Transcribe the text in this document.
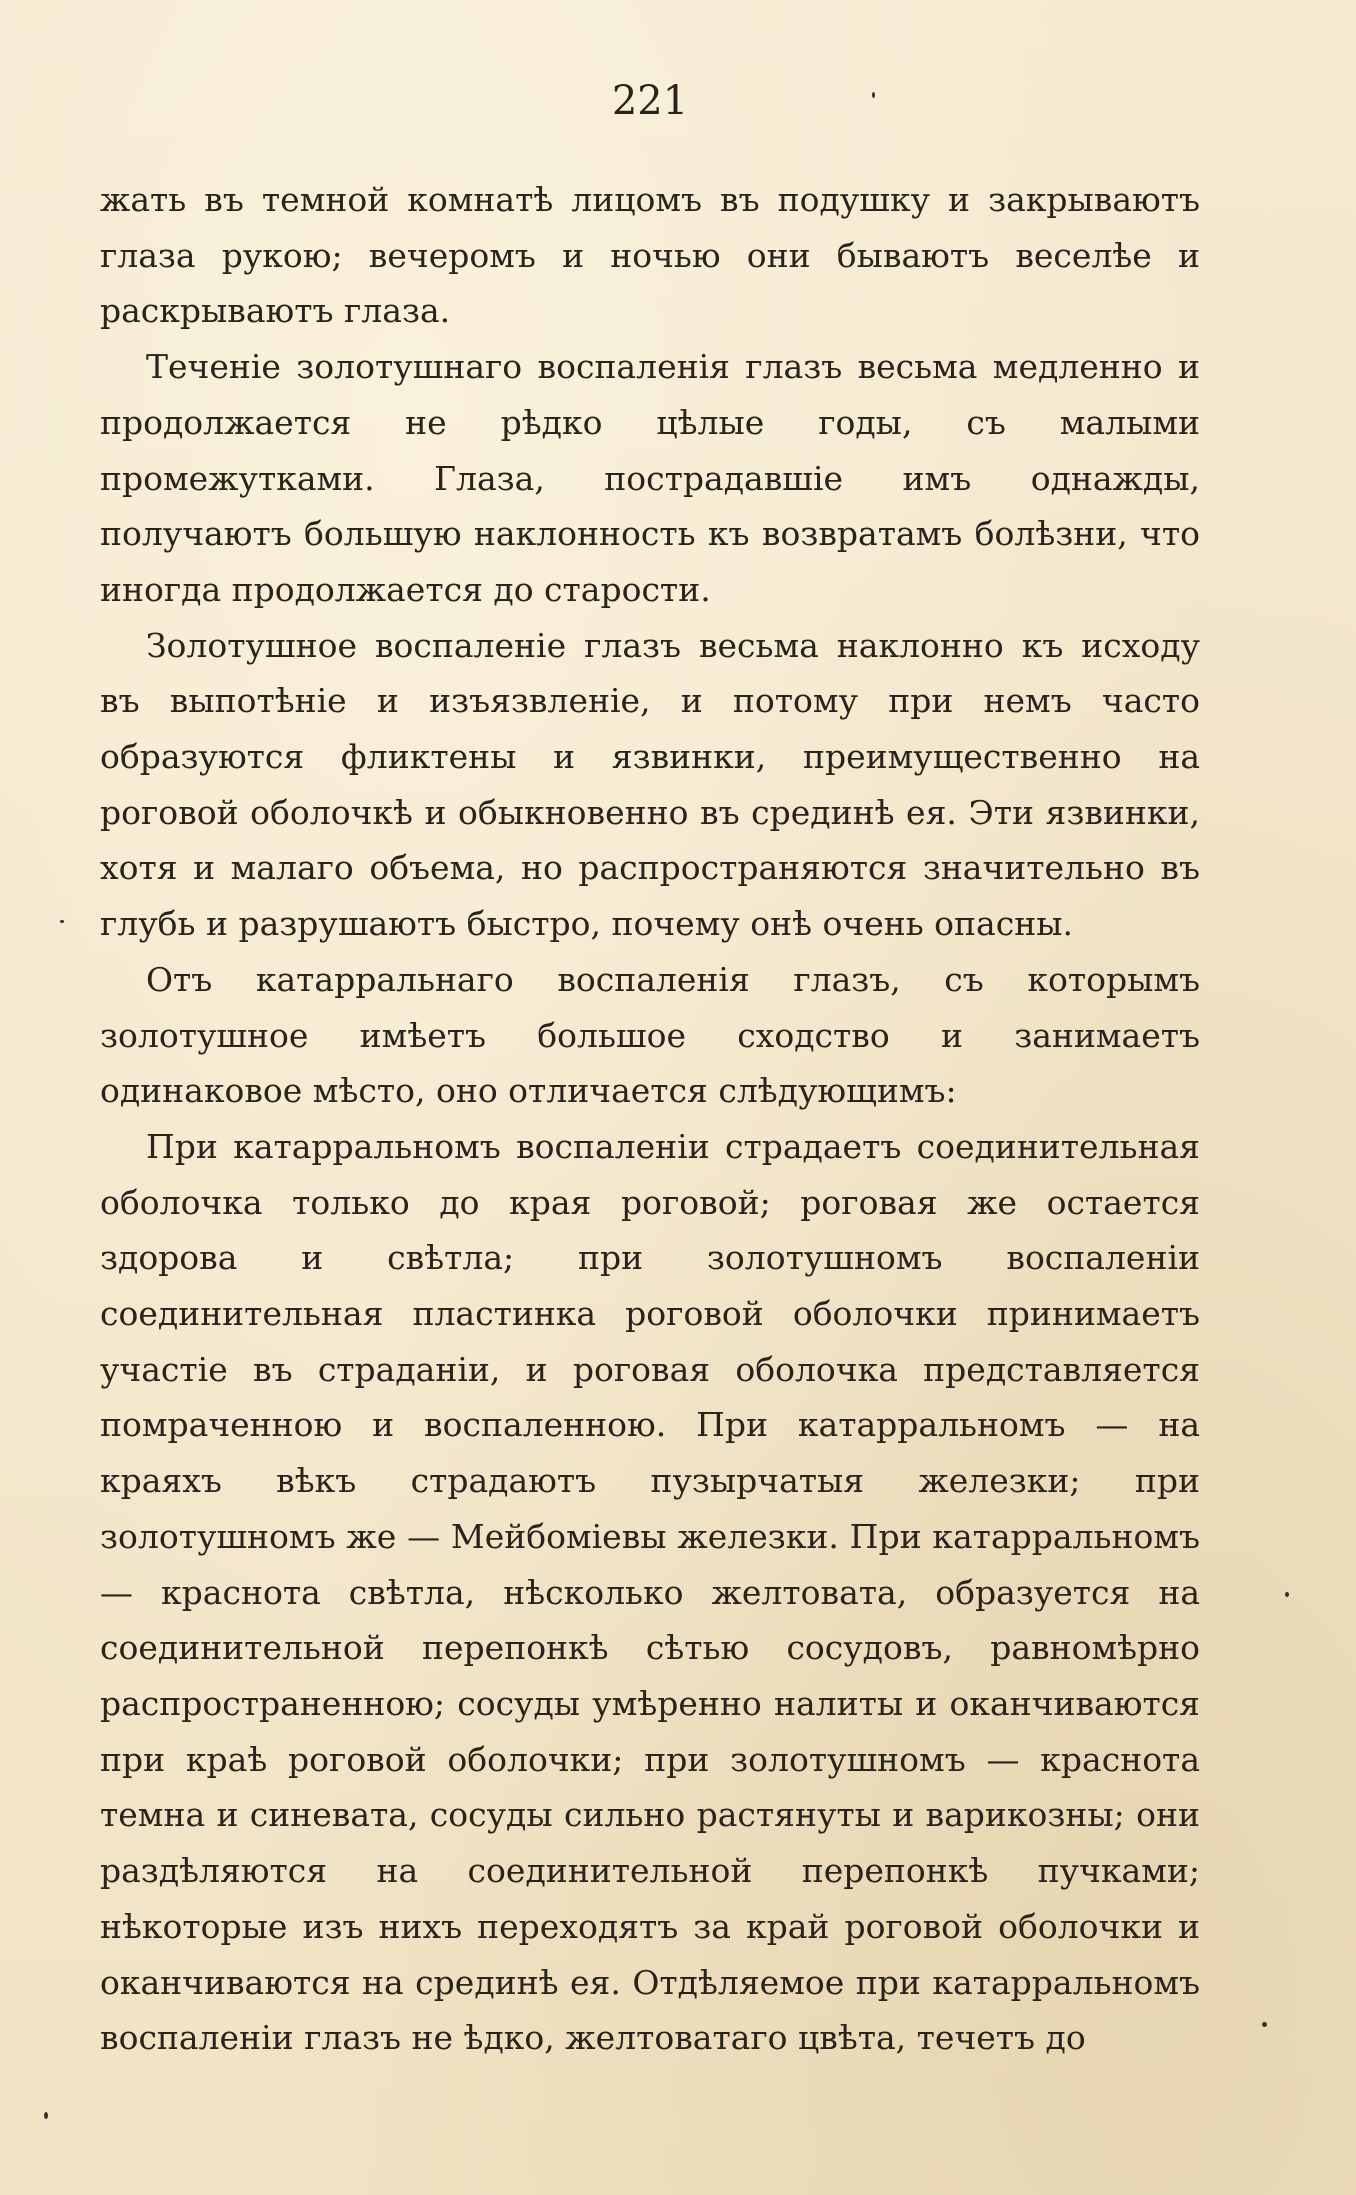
221

жать въ темной комнатѣ лицомъ въ подушку и закрываютъ глаза рукою; вечеромъ и ночью они бываютъ веселѣе и раскрываютъ глаза.

Теченіе золотушнаго воспаленія глазъ весьма медленно и продолжается не рѣдко цѣлые годы, съ малыми промежутками. Глаза, пострадавшіе имъ однажды, получаютъ большую наклонность къ возвратамъ болѣзни, что иногда продолжается до старости.

Золотушное воспаленіе глазъ весьма наклонно къ исходу въ выпотѣніе и изъязвленіе, и потому при немъ часто образуются фликтены и язвинки, преимущественно на роговой оболочкѣ и обыкновенно въ срединѣ ея. Эти язвинки, хотя и малаго объема, но распространяются значительно въ глубь и разрушаютъ быстро, почему онѣ очень опасны.

Отъ катарральнаго воспаленія глазъ, съ которымъ золотушное имѣетъ большое сходство и занимаетъ одинаковое мѣсто, оно отличается слѣдующимъ:

При катарральномъ воспаленіи страдаетъ соединительная оболочка только до края роговой; роговая же остается здорова и свѣтла; при золотушномъ воспаленіи соединительная пластинка роговой оболочки принимаетъ участіе въ страданіи, и роговая оболочка представляется помраченною и воспаленною. При катарральномъ — на краяхъ вѣкъ страдаютъ пузырчатыя железки; при золотушномъ же — Мейбоміевы железки. При катарральномъ — краснота свѣтла, нѣсколько желтовата, образуется на соединительной перепонкѣ сѣтью сосудовъ, равномѣрно распространенною; сосуды умѣренно налиты и оканчиваются при краѣ роговой оболочки; при золотушномъ — краснота темна и синевата, сосуды сильно растянуты и варикозны; они раздѣляются на соединительной перепонкѣ пучками; нѣкоторые изъ нихъ переходятъ за край роговой оболочки и оканчиваются на срединѣ ея. Отдѣляемое при катарральномъ воспаленіи глазъ не ѣдко, желтоватаго цвѣта, течетъ до
